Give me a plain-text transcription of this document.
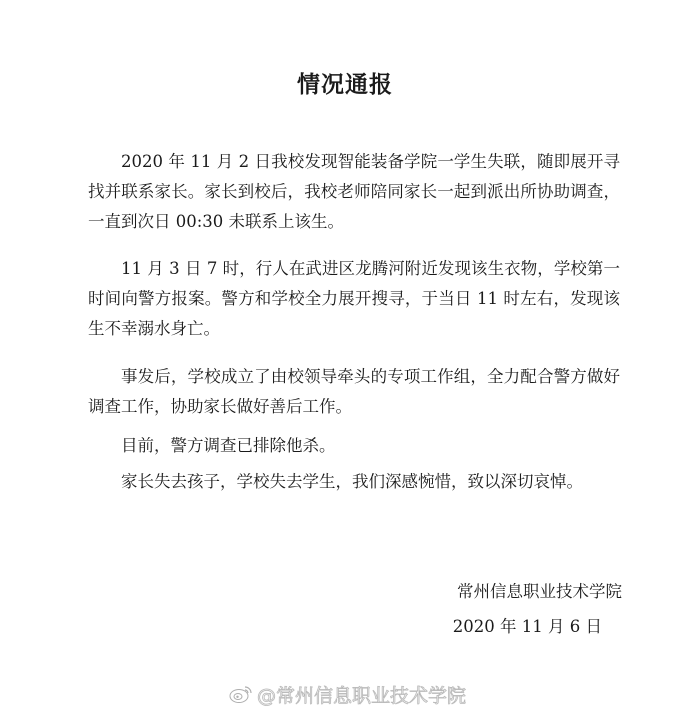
情况通报

2020 年 11 月 2 日我校发现智能装备学院一学生失联，随即展开寻找并联系家长。家长到校后，我校老师陪同家长一起到派出所协助调查，一直到次日 00:30 未联系上该生。

11 月 3 日 7 时，行人在武进区龙腾河附近发现该生衣物，学校第一时间向警方报案。警方和学校全力展开搜寻，于当日 11 时左右，发现该生不幸溺水身亡。

事发后，学校成立了由校领导牵头的专项工作组，全力配合警方做好调查工作，协助家长做好善后工作。

目前，警方调查已排除他杀。

家长失去孩子，学校失去学生，我们深感惋惜，致以深切哀悼。

常州信息职业技术学院
2020 年 11 月 6 日
@常州信息职业技术学院
